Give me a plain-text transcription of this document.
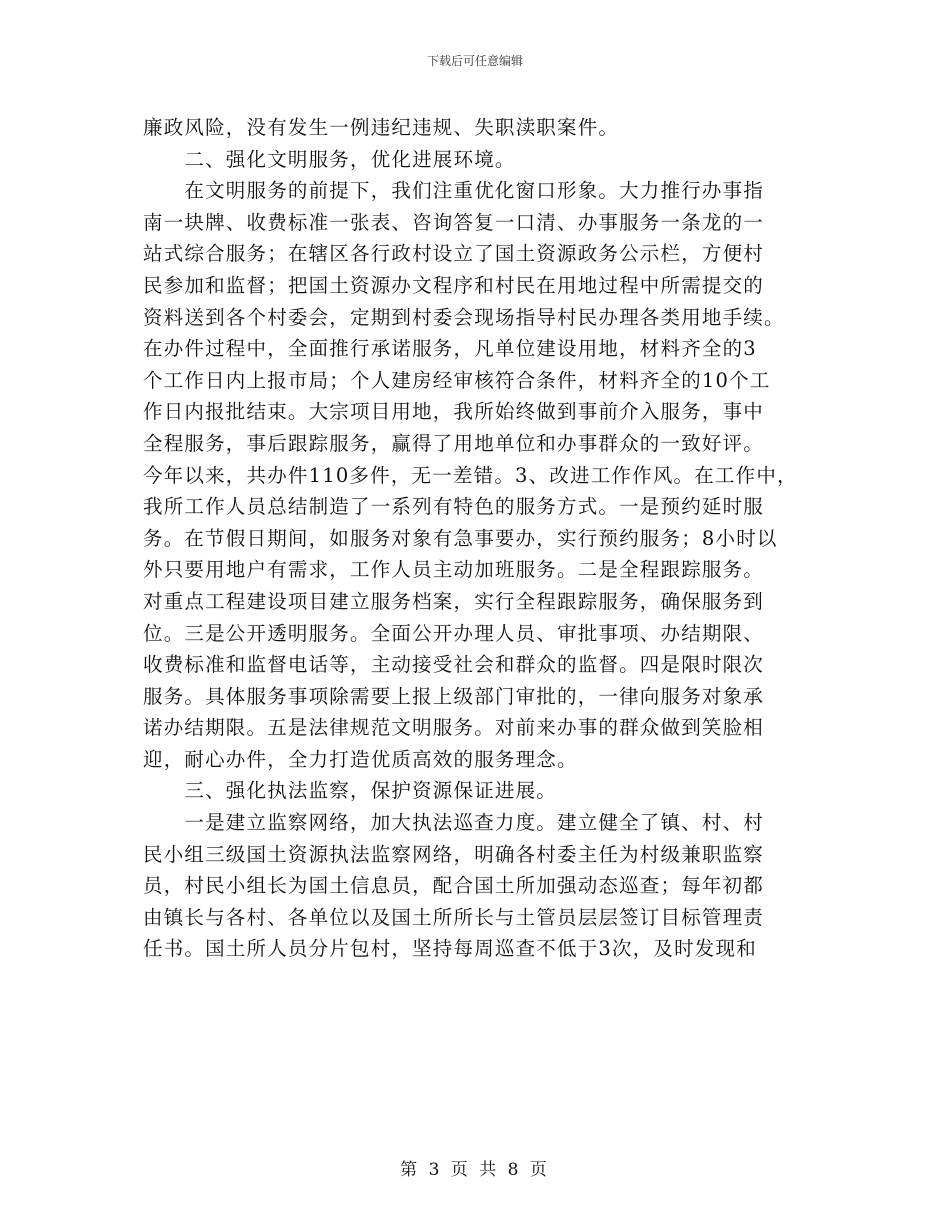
下载后可任意编辑
廉政风险，没有发生一例违纪违规、失职渎职案件。
　　二、强化文明服务，优化进展环境。
　　在文明服务的前提下，我们注重优化窗口形象。大力推行办事指
南一块牌、收费标准一张表、咨询答复一口清、办事服务一条龙的一
站式综合服务；在辖区各行政村设立了国土资源政务公示栏，方便村
民参加和监督；把国土资源办文程序和村民在用地过程中所需提交的
资料送到各个村委会，定期到村委会现场指导村民办理各类用地手续。
在办件过程中，全面推行承诺服务，凡单位建设用地，材料齐全的3
个工作日内上报市局；个人建房经审核符合条件，材料齐全的10个工
作日内报批结束。大宗项目用地，我所始终做到事前介入服务，事中
全程服务，事后跟踪服务，赢得了用地单位和办事群众的一致好评。
今年以来，共办件110多件，无一差错。3、改进工作作风。在工作中，
我所工作人员总结制造了一系列有特色的服务方式。一是预约延时服
务。在节假日期间，如服务对象有急事要办，实行预约服务；8小时以
外只要用地户有需求，工作人员主动加班服务。二是全程跟踪服务。
对重点工程建设项目建立服务档案，实行全程跟踪服务，确保服务到
位。三是公开透明服务。全面公开办理人员、审批事项、办结期限、
收费标准和监督电话等，主动接受社会和群众的监督。四是限时限次
服务。具体服务事项除需要上报上级部门审批的，一律向服务对象承
诺办结期限。五是法律规范文明服务。对前来办事的群众做到笑脸相
迎，耐心办件，全力打造优质高效的服务理念。
　　三、强化执法监察，保护资源保证进展。
　　一是建立监察网络，加大执法巡查力度。建立健全了镇、村、村
民小组三级国土资源执法监察网络，明确各村委主任为村级兼职监察
员，村民小组长为国土信息员，配合国土所加强动态巡查；每年初都
由镇长与各村、各单位以及国土所所长与土管员层层签订目标管理责
任书。国土所人员分片包村，坚持每周巡查不低于3次，及时发现和
第 3 页 共 8 页
